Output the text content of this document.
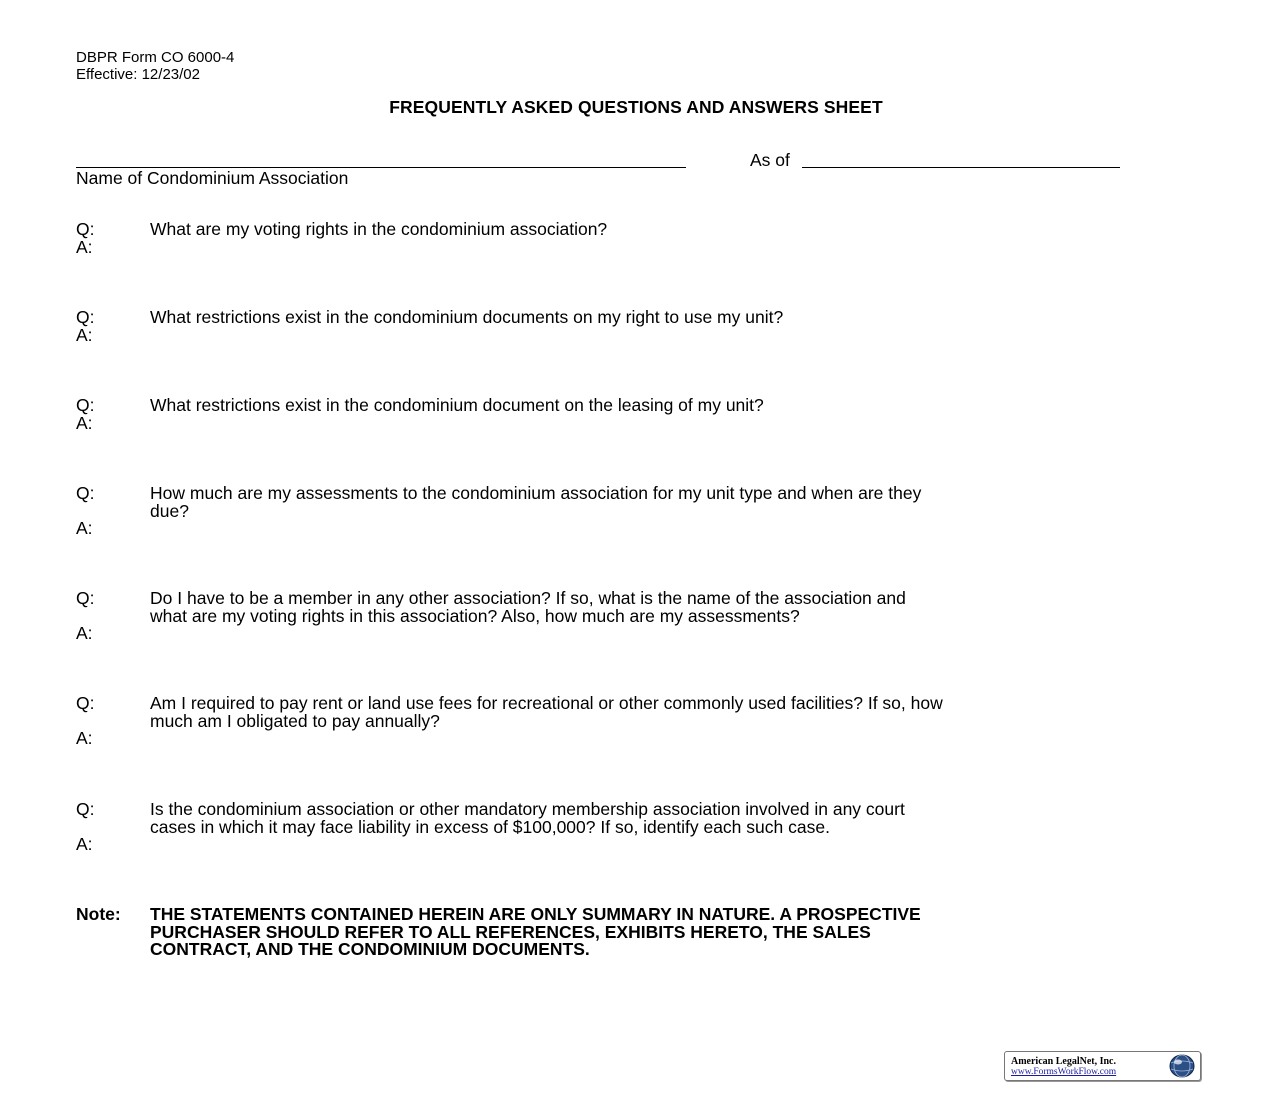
DBPR Form CO 6000-4
Effective: 12/23/02
FREQUENTLY ASKED QUESTIONS AND ANSWERS SHEET
As of
Name of Condominium Association
Q:	What are my voting rights in the condominium association?
A:
Q:	What restrictions exist in the condominium documents on my right to use my unit?
A:
Q:	What restrictions exist in the condominium document on the leasing of my unit?
A:
Q:	How much are my assessments to the condominium association for my unit type and when are they
due?
A:
Q:	Do I have to be a member in any other association? If so, what is the name of the association and
what are my voting rights in this association? Also, how much are my assessments?
A:
Q:	Am I required to pay rent or land use fees for recreational or other commonly used facilities? If so, how
much am I obligated to pay annually?
A:
Q:	Is the condominium association or other mandatory membership association involved in any court
cases in which it may face liability in excess of $100,000? If so, identify each such case.
A:
Note:	THE STATEMENTS CONTAINED HEREIN ARE ONLY SUMMARY IN NATURE. A PROSPECTIVE
PURCHASER SHOULD REFER TO ALL REFERENCES, EXHIBITS HERETO, THE SALES
CONTRACT, AND THE CONDOMINIUM DOCUMENTS.
American LegalNet, Inc.
www.FormsWorkFlow.com
